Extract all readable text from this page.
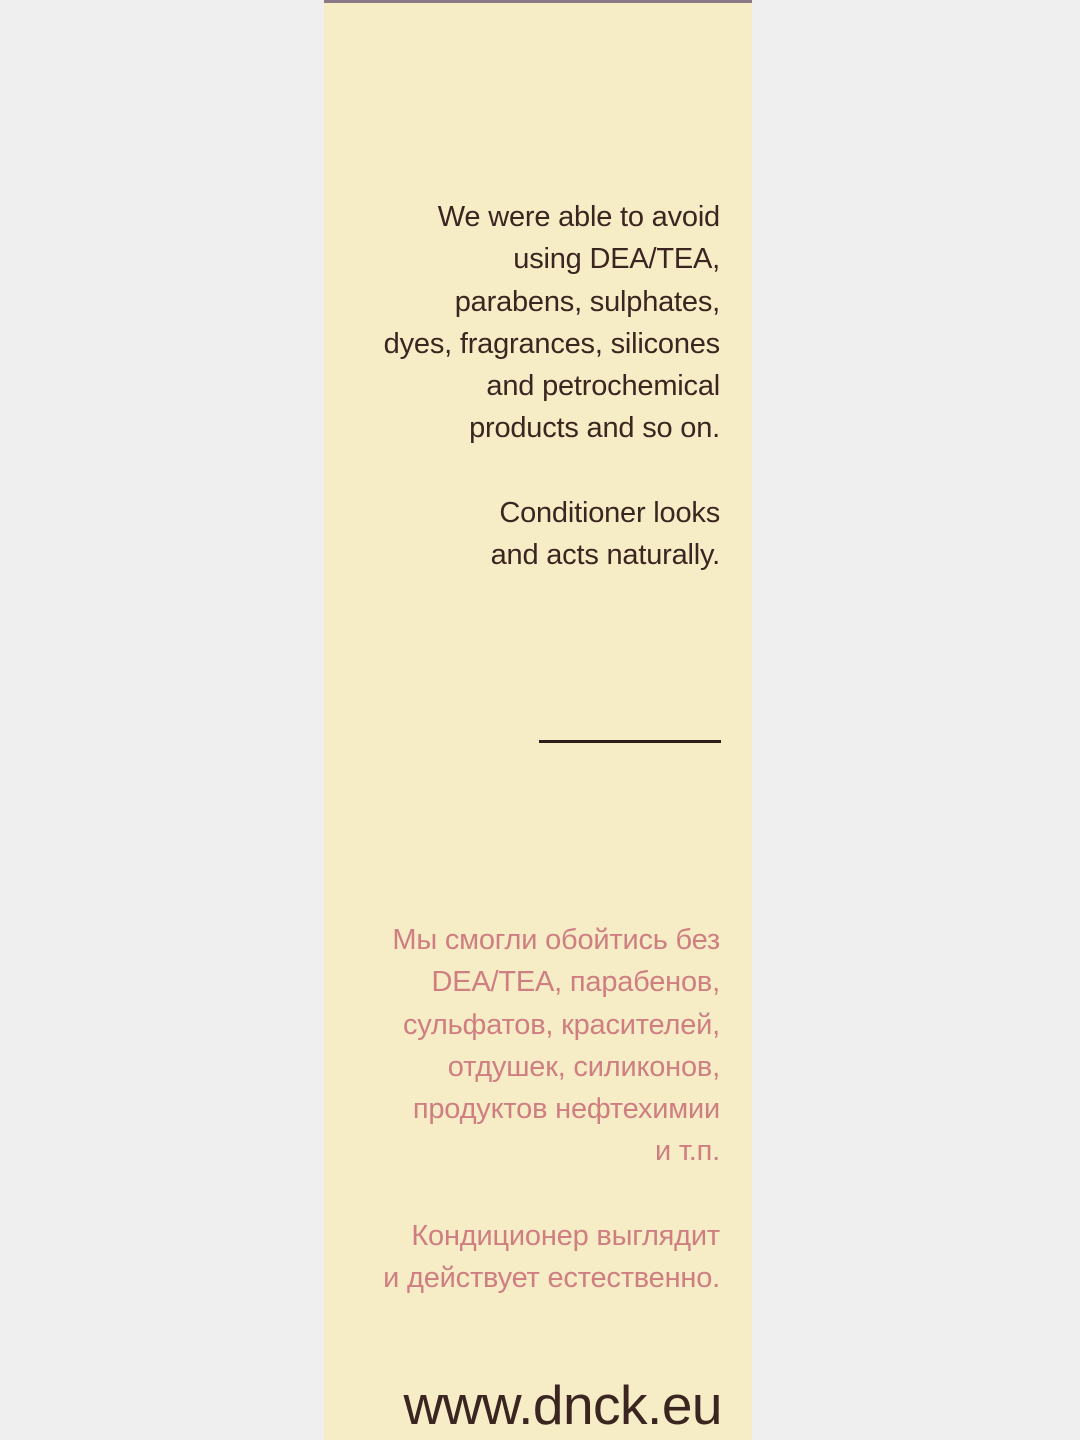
We were able to avoid
using DEA/TEA,
parabens, sulphates,
dyes, fragrances, silicones
and petrochemical
products and so on.
Conditioner looks
and acts naturally.
Мы смогли обойтись без
DEA/TEA, парабенов,
сульфатов, красителей,
отдушек, силиконов,
продуктов нефтехимии
и т.п.
Кондиционер выглядит
и действует естественно.
www.dnck.eu
